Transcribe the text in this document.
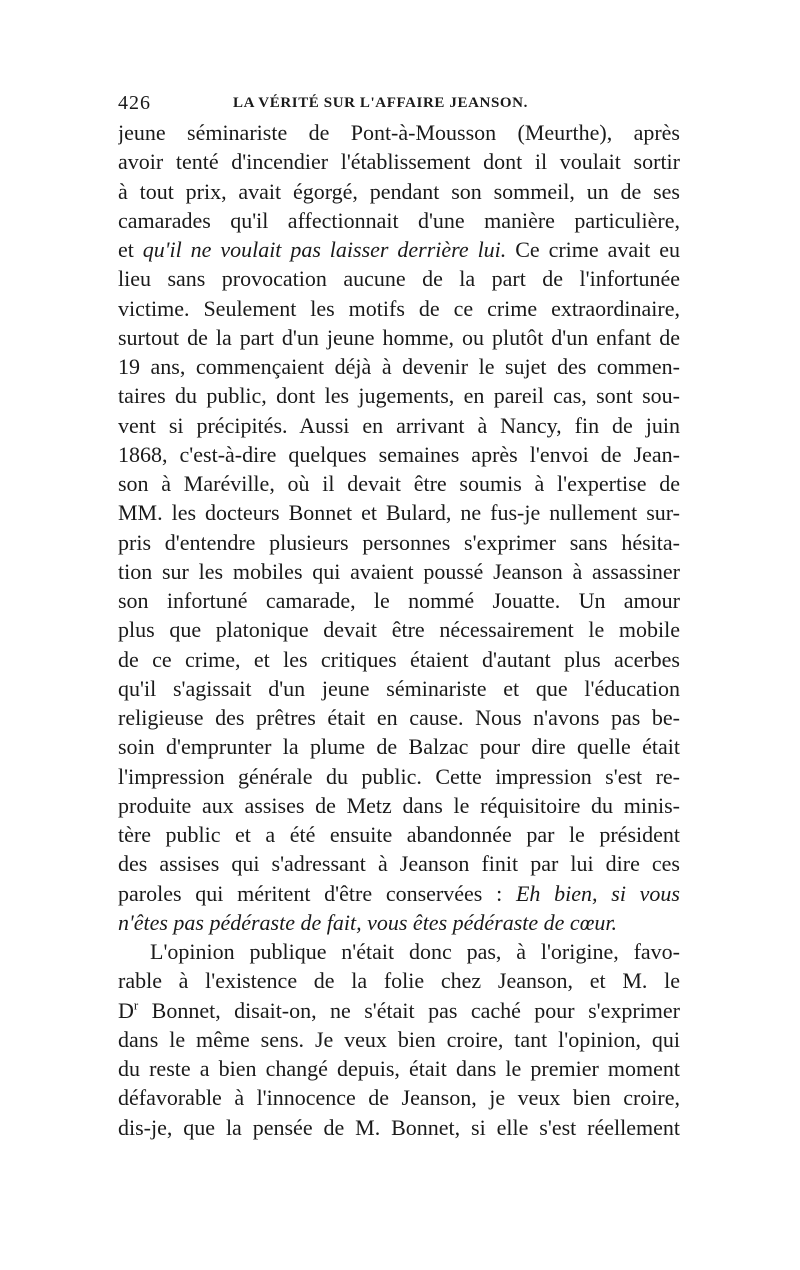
426	LA VÉRITÉ SUR L'AFFAIRE JEANSON.
jeune séminariste de Pont-à-Mousson (Meurthe), après
avoir tenté d'incendier l'établissement dont il voulait sortir
à tout prix, avait égorgé, pendant son sommeil, un de ses
camarades qu'il affectionnait d'une manière particulière,
et qu'il ne voulait pas laisser derrière lui. Ce crime avait eu
lieu sans provocation aucune de la part de l'infortunée
victime. Seulement les motifs de ce crime extraordinaire,
surtout de la part d'un jeune homme, ou plutôt d'un enfant de
19 ans, commençaient déjà à devenir le sujet des commen-
taires du public, dont les jugements, en pareil cas, sont sou-
vent si précipités. Aussi en arrivant à Nancy, fin de juin
1868, c'est-à-dire quelques semaines après l'envoi de Jean-
son à Maréville, où il devait être soumis à l'expertise de
MM. les docteurs Bonnet et Bulard, ne fus-je nullement sur-
pris d'entendre plusieurs personnes s'exprimer sans hésita-
tion sur les mobiles qui avaient poussé Jeanson à assassiner
son infortuné camarade, le nommé Jouatte. Un amour
plus que platonique devait être nécessairement le mobile
de ce crime, et les critiques étaient d'autant plus acerbes
qu'il s'agissait d'un jeune séminariste et que l'éducation
religieuse des prêtres était en cause. Nous n'avons pas be-
soin d'emprunter la plume de Balzac pour dire quelle était
l'impression générale du public. Cette impression s'est re-
produite aux assises de Metz dans le réquisitoire du minis-
tère public et a été ensuite abandonnée par le président
des assises qui s'adressant à Jeanson finit par lui dire ces
paroles qui méritent d'être conservées : Eh bien, si vous
n'êtes pas pédéraste de fait, vous êtes pédéraste de cœur.
L'opinion publique n'était donc pas, à l'origine, favo-
rable à l'existence de la folie chez Jeanson, et M. le
$D^r$ Bonnet, disait-on, ne s'était pas caché pour s'exprimer
dans le même sens. Je veux bien croire, tant l'opinion, qui
du reste a bien changé depuis, était dans le premier moment
défavorable à l'innocence de Jeanson, je veux bien croire,
dis-je, que la pensée de M. Bonnet, si elle s'est réellement
